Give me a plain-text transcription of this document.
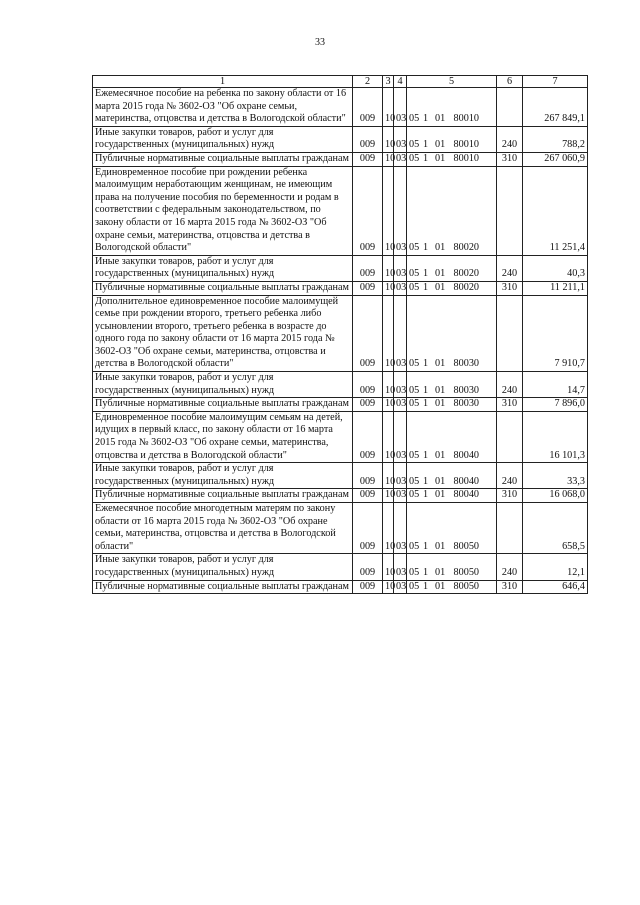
33
1	2	3	4	5	6	7
Ежемесячное пособие на ребенка по закону области от 16 марта 2015 года № 3602-ОЗ "Об охране семьи, материнства, отцовства и детства в Вологодской области"	009	10	03	05 1 01 80010		267 849,1
Иные закупки товаров, работ и услуг для государственных (муниципальных) нужд	009	10	03	05 1 01 80010	240	788,2
Публичные нормативные социальные выплаты гражданам	009	10	03	05 1 01 80010	310	267 060,9
Единовременное пособие при рождении ребенка малоимущим неработающим женщинам, не имеющим права на получение пособия по беременности и родам в соответствии с федеральным законодательством, по закону области от 16 марта 2015 года № 3602-ОЗ "Об охране семьи, материнства, отцовства и детства в Вологодской области"	009	10	03	05 1 01 80020		11 251,4
Иные закупки товаров, работ и услуг для государственных (муниципальных) нужд	009	10	03	05 1 01 80020	240	40,3
Публичные нормативные социальные выплаты гражданам	009	10	03	05 1 01 80020	310	11 211,1
Дополнительное единовременное пособие малоимущей семье при рождении второго, третьего ребенка либо усыновлении второго, третьего ребенка в возрасте до одного года по закону области от 16 марта 2015 года № 3602-ОЗ "Об охране семьи, материнства, отцовства и детства в Вологодской области"	009	10	03	05 1 01 80030		7 910,7
Иные закупки товаров, работ и услуг для государственных (муниципальных) нужд	009	10	03	05 1 01 80030	240	14,7
Публичные нормативные социальные выплаты гражданам	009	10	03	05 1 01 80030	310	7 896,0
Единовременное пособие малоимущим семьям на детей, идущих в первый класс, по закону области от 16 марта 2015 года № 3602-ОЗ "Об охране семьи, материнства, отцовства и детства в Вологодской области"	009	10	03	05 1 01 80040		16 101,3
Иные закупки товаров, работ и услуг для государственных (муниципальных) нужд	009	10	03	05 1 01 80040	240	33,3
Публичные нормативные социальные выплаты гражданам	009	10	03	05 1 01 80040	310	16 068,0
Ежемесячное пособие многодетным матерям по закону области от 16 марта 2015 года № 3602-ОЗ "Об охране семьи, материнства, отцовства и детства в Вологодской области"	009	10	03	05 1 01 80050		658,5
Иные закупки товаров, работ и услуг для государственных (муниципальных) нужд	009	10	03	05 1 01 80050	240	12,1
Публичные нормативные социальные выплаты гражданам	009	10	03	05 1 01 80050	310	646,4
